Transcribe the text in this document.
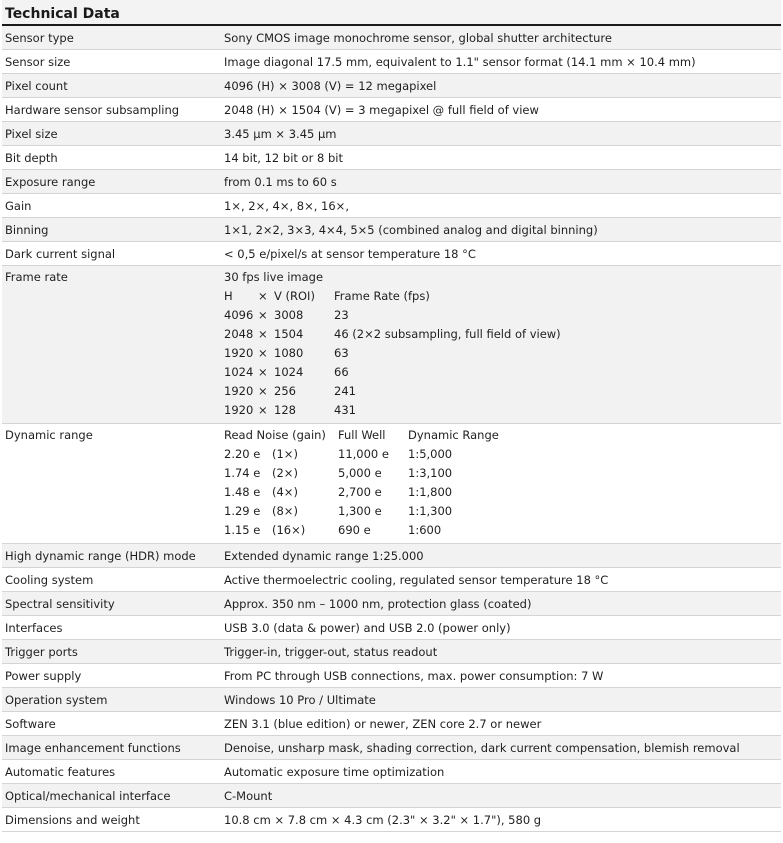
Technical Data
Sensor type	Sony CMOS image monochrome sensor, global shutter architecture
Sensor size	Image diagonal 17.5 mm, equivalent to 1.1" sensor format (14.1 mm × 10.4 mm)
Pixel count	4096 (H) × 3008 (V) = 12 megapixel
Hardware sensor subsampling	2048 (H) × 1504 (V) = 3 megapixel @ full field of view
Pixel size	3.45 µm × 3.45 µm
Bit depth	14 bit, 12 bit or 8 bit
Exposure range	from 0.1 ms to 60 s
Gain	1×, 2×, 4×, 8×, 16×,
Binning	1×1, 2×2, 3×3, 4×4, 5×5 (combined analog and digital binning)
Dark current signal	< 0,5 e/pixel/s at sensor temperature 18 °C
Frame rate	30 fps live image
H × V (ROI) Frame Rate (fps)
4096 × 3008	23
2048 × 1504	46 (2×2 subsampling, full field of view)
1920 × 1080	63
1024 × 1024	66
1920 × 256	241
1920 × 128	431
Dynamic range	Read Noise (gain) Full Well Dynamic Range
2.20 e (1×)	11,000 e 1:5,000
1.74 e (2×)	5,000 e 1:3,100
1.48 e (4×)	2,700 e 1:1,800
1.29 e (8×)	1,300 e 1:1,300
1.15 e (16×)	690 e	1:600
High dynamic range (HDR) mode	Extended dynamic range 1:25.000
Cooling system	Active thermoelectric cooling, regulated sensor temperature 18 °C
Spectral sensitivity	Approx. 350 nm – 1000 nm, protection glass (coated)
Interfaces	USB 3.0 (data & power) and USB 2.0 (power only)
Trigger ports	Trigger-in, trigger-out, status readout
Power supply	From PC through USB connections, max. power consumption: 7 W
Operation system	Windows 10 Pro / Ultimate
Software	ZEN 3.1 (blue edition) or newer, ZEN core 2.7 or newer
Image enhancement functions	Denoise, unsharp mask, shading correction, dark current compensation, blemish removal
Automatic features	Automatic exposure time optimization
Optical/mechanical interface	C-Mount
Dimensions and weight	10.8 cm × 7.8 cm × 4.3 cm (2.3" × 3.2" × 1.7"), 580 g
